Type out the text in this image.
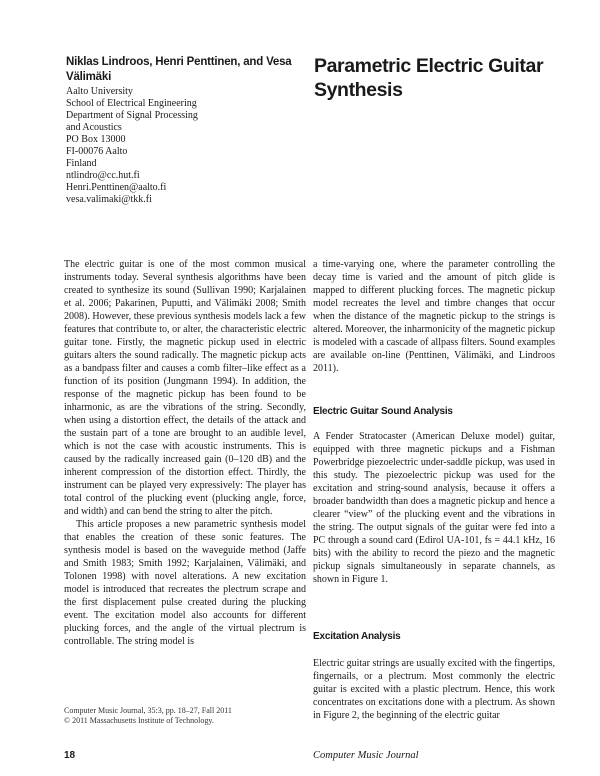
Niklas Lindroos, Henri Penttinen, and Vesa Välimäki
Aalto University
School of Electrical Engineering
Department of Signal Processing
and Acoustics
PO Box 13000
FI-00076 Aalto
Finland
ntlindro@cc.hut.fi
Henri.Penttinen@aalto.fi
vesa.valimaki@tkk.fi
Parametric Electric Guitar Synthesis

The electric guitar is one of the most common musical instruments today. Several synthesis algorithms have been created to synthesize its sound (Sullivan 1990; Karjalainen et al. 2006; Pakarinen, Puputti, and Välimäki 2008; Smith 2008). However, these previous synthesis models lack a few features that contribute to, or alter, the characteristic electric guitar tone. Firstly, the magnetic pickup used in electric guitars alters the sound radically. The magnetic pickup acts as a bandpass filter and causes a comb filter–like effect as a function of its position (Jungmann 1994). In addition, the response of the magnetic pickup has been found to be inharmonic, as are the vibrations of the string. Secondly, when using a distortion effect, the details of the attack and the sustain part of a tone are brought to an audible level, which is not the case with acoustic instruments. This is caused by the radically increased gain (0–120 dB) and the inherent compression of the distortion effect. Thirdly, the instrument can be played very expressively: The player has total control of the plucking event (plucking angle, force, and width) and can bend the string to alter the pitch.

This article proposes a new parametric synthesis model that enables the creation of these sonic features. The synthesis model is based on the waveguide method (Jaffe and Smith 1983; Smith 1992; Karjalainen, Välimäki, and Tolonen 1998) with novel alterations. A new excitation model is introduced that recreates the plectrum scrape and the first displacement pulse created during the plucking event. The excitation model also accounts for different plucking forces, and the angle of the virtual plectrum is controllable. The string model is

a time-varying one, where the parameter controlling the decay time is varied and the amount of pitch glide is mapped to different plucking forces. The magnetic pickup model recreates the level and timbre changes that occur when the distance of the magnetic pickup to the strings is altered. Moreover, the inharmonicity of the magnetic pickup is modeled with a cascade of allpass filters. Sound examples are available on-line (Penttinen, Välimäki, and Lindroos 2011).

Electric Guitar Sound Analysis

A Fender Stratocaster (American Deluxe model) guitar, equipped with three magnetic pickups and a Fishman Powerbridge piezoelectric under-saddle pickup, was used in this study. The piezoelectric pickup was used for the excitation and string-sound analysis, because it offers a broader bandwidth than does a magnetic pickup and hence a clearer “view” of the plucking event and the vibrations in the string. The output signals of the guitar were fed into a PC through a sound card (Edirol UA-101, fs = 44.1 kHz, 16 bits) with the ability to record the piezo and the magnetic pickup signals simultaneously in separate channels, as shown in Figure 1.

Excitation Analysis

Electric guitar strings are usually excited with the fingertips, fingernails, or a plectrum. Most commonly the electric guitar is excited with a plastic plectrum. Hence, this work concentrates on excitations done with a plectrum. As shown in Figure 2, the beginning of the electric guitar

Computer Music Journal, 35:3, pp. 18–27, Fall 2011
© 2011 Massachusetts Institute of Technology.
18	Computer Music Journal
